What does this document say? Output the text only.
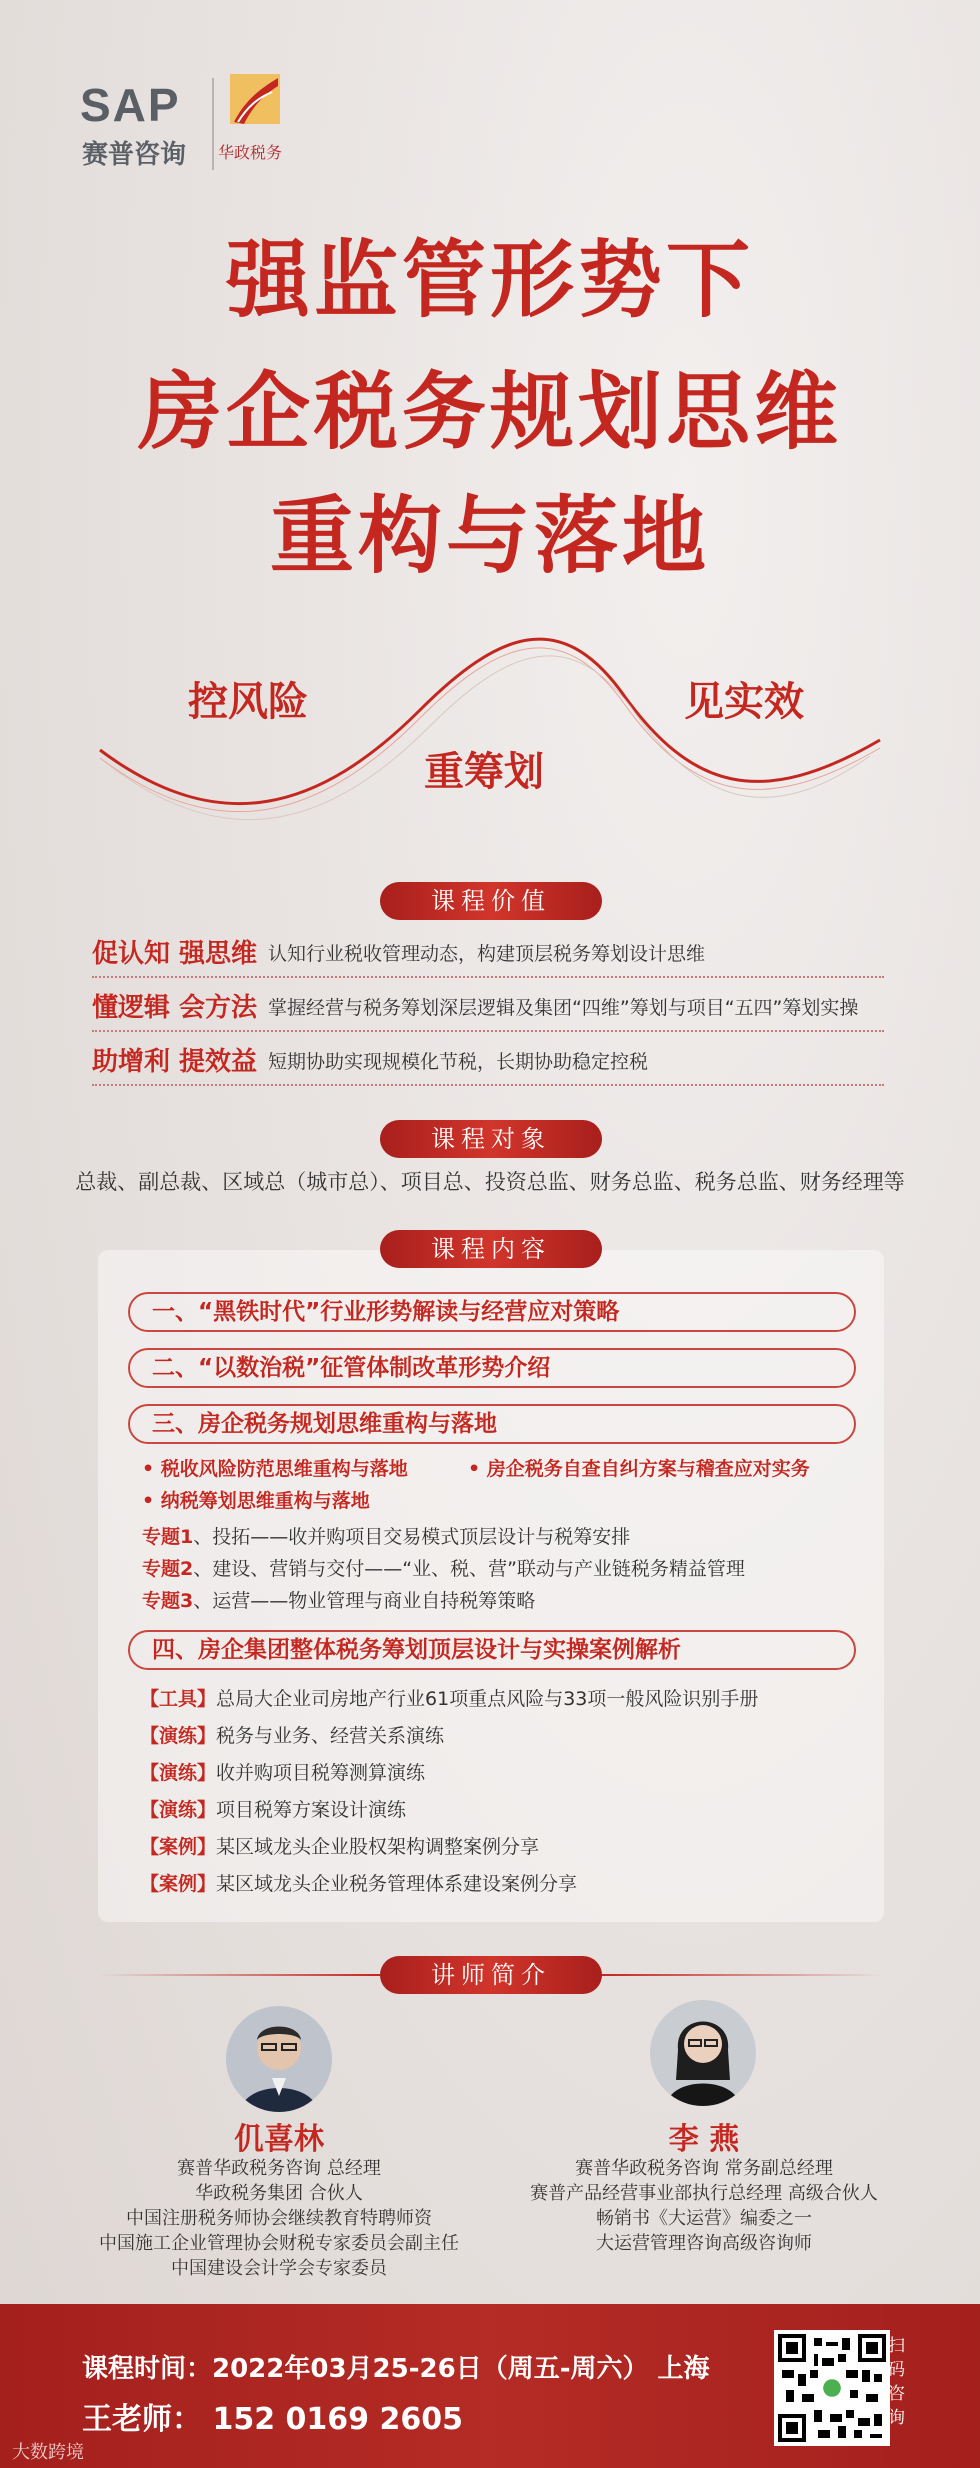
SAP
赛普咨询 华政税务
强监管形势下
房企税务规划思维
重构与落地
控风险
重筹划
见实效
课程价值
促认知 强思维 认知行业税收管理动态，构建顶层税务筹划设计思维
懂逻辑 会方法 掌握经营与税务筹划深层逻辑及集团“四维”筹划与项目“五四”筹划实操
助增利 提效益 短期协助实现规模化节税，长期协助稳定控税
课程对象
总裁、副总裁、区域总（城市总）、项目总、投资总监、财务总监、税务总监、财务经理等
课程内容
一、“黑铁时代”行业形势解读与经营应对策略
二、“以数治税”征管体制改革形势介绍
三、房企税务规划思维重构与落地
• 税收风险防范思维重构与落地	• 房企税务自查自纠方案与稽查应对实务
• 纳税筹划思维重构与落地
专题1、投拓——收并购项目交易模式顶层设计与税筹安排
专题2、建设、营销与交付——“业、税、营”联动与产业链税务精益管理
专题3、运营——物业管理与商业自持税筹策略
四、房企集团整体税务筹划顶层设计与实操案例解析
【工具】总局大企业司房地产行业61项重点风险与33项一般风险识别手册
【演练】税务与业务、经营关系演练
【演练】收并购项目税筹测算演练
【演练】项目税筹方案设计演练
【案例】某区域龙头企业股权架构调整案例分享
【案例】某区域龙头企业税务管理体系建设案例分享
讲师简介
仉喜林
赛普华政税务咨询 总经理
华政税务集团 合伙人
中国注册税务师协会继续教育特聘师资
中国施工企业管理协会财税专家委员会副主任
中国建设会计学会专家委员
李 燕
赛普华政税务咨询 常务副总经理
赛普产品经营事业部执行总经理 高级合伙人
畅销书《大运营》编委之一
大运营管理咨询高级咨询师
课程时间：2022年03月25-26日（周五-周六） 上海
王老师： 152 0169 2605
扫码咨询
大数跨境
